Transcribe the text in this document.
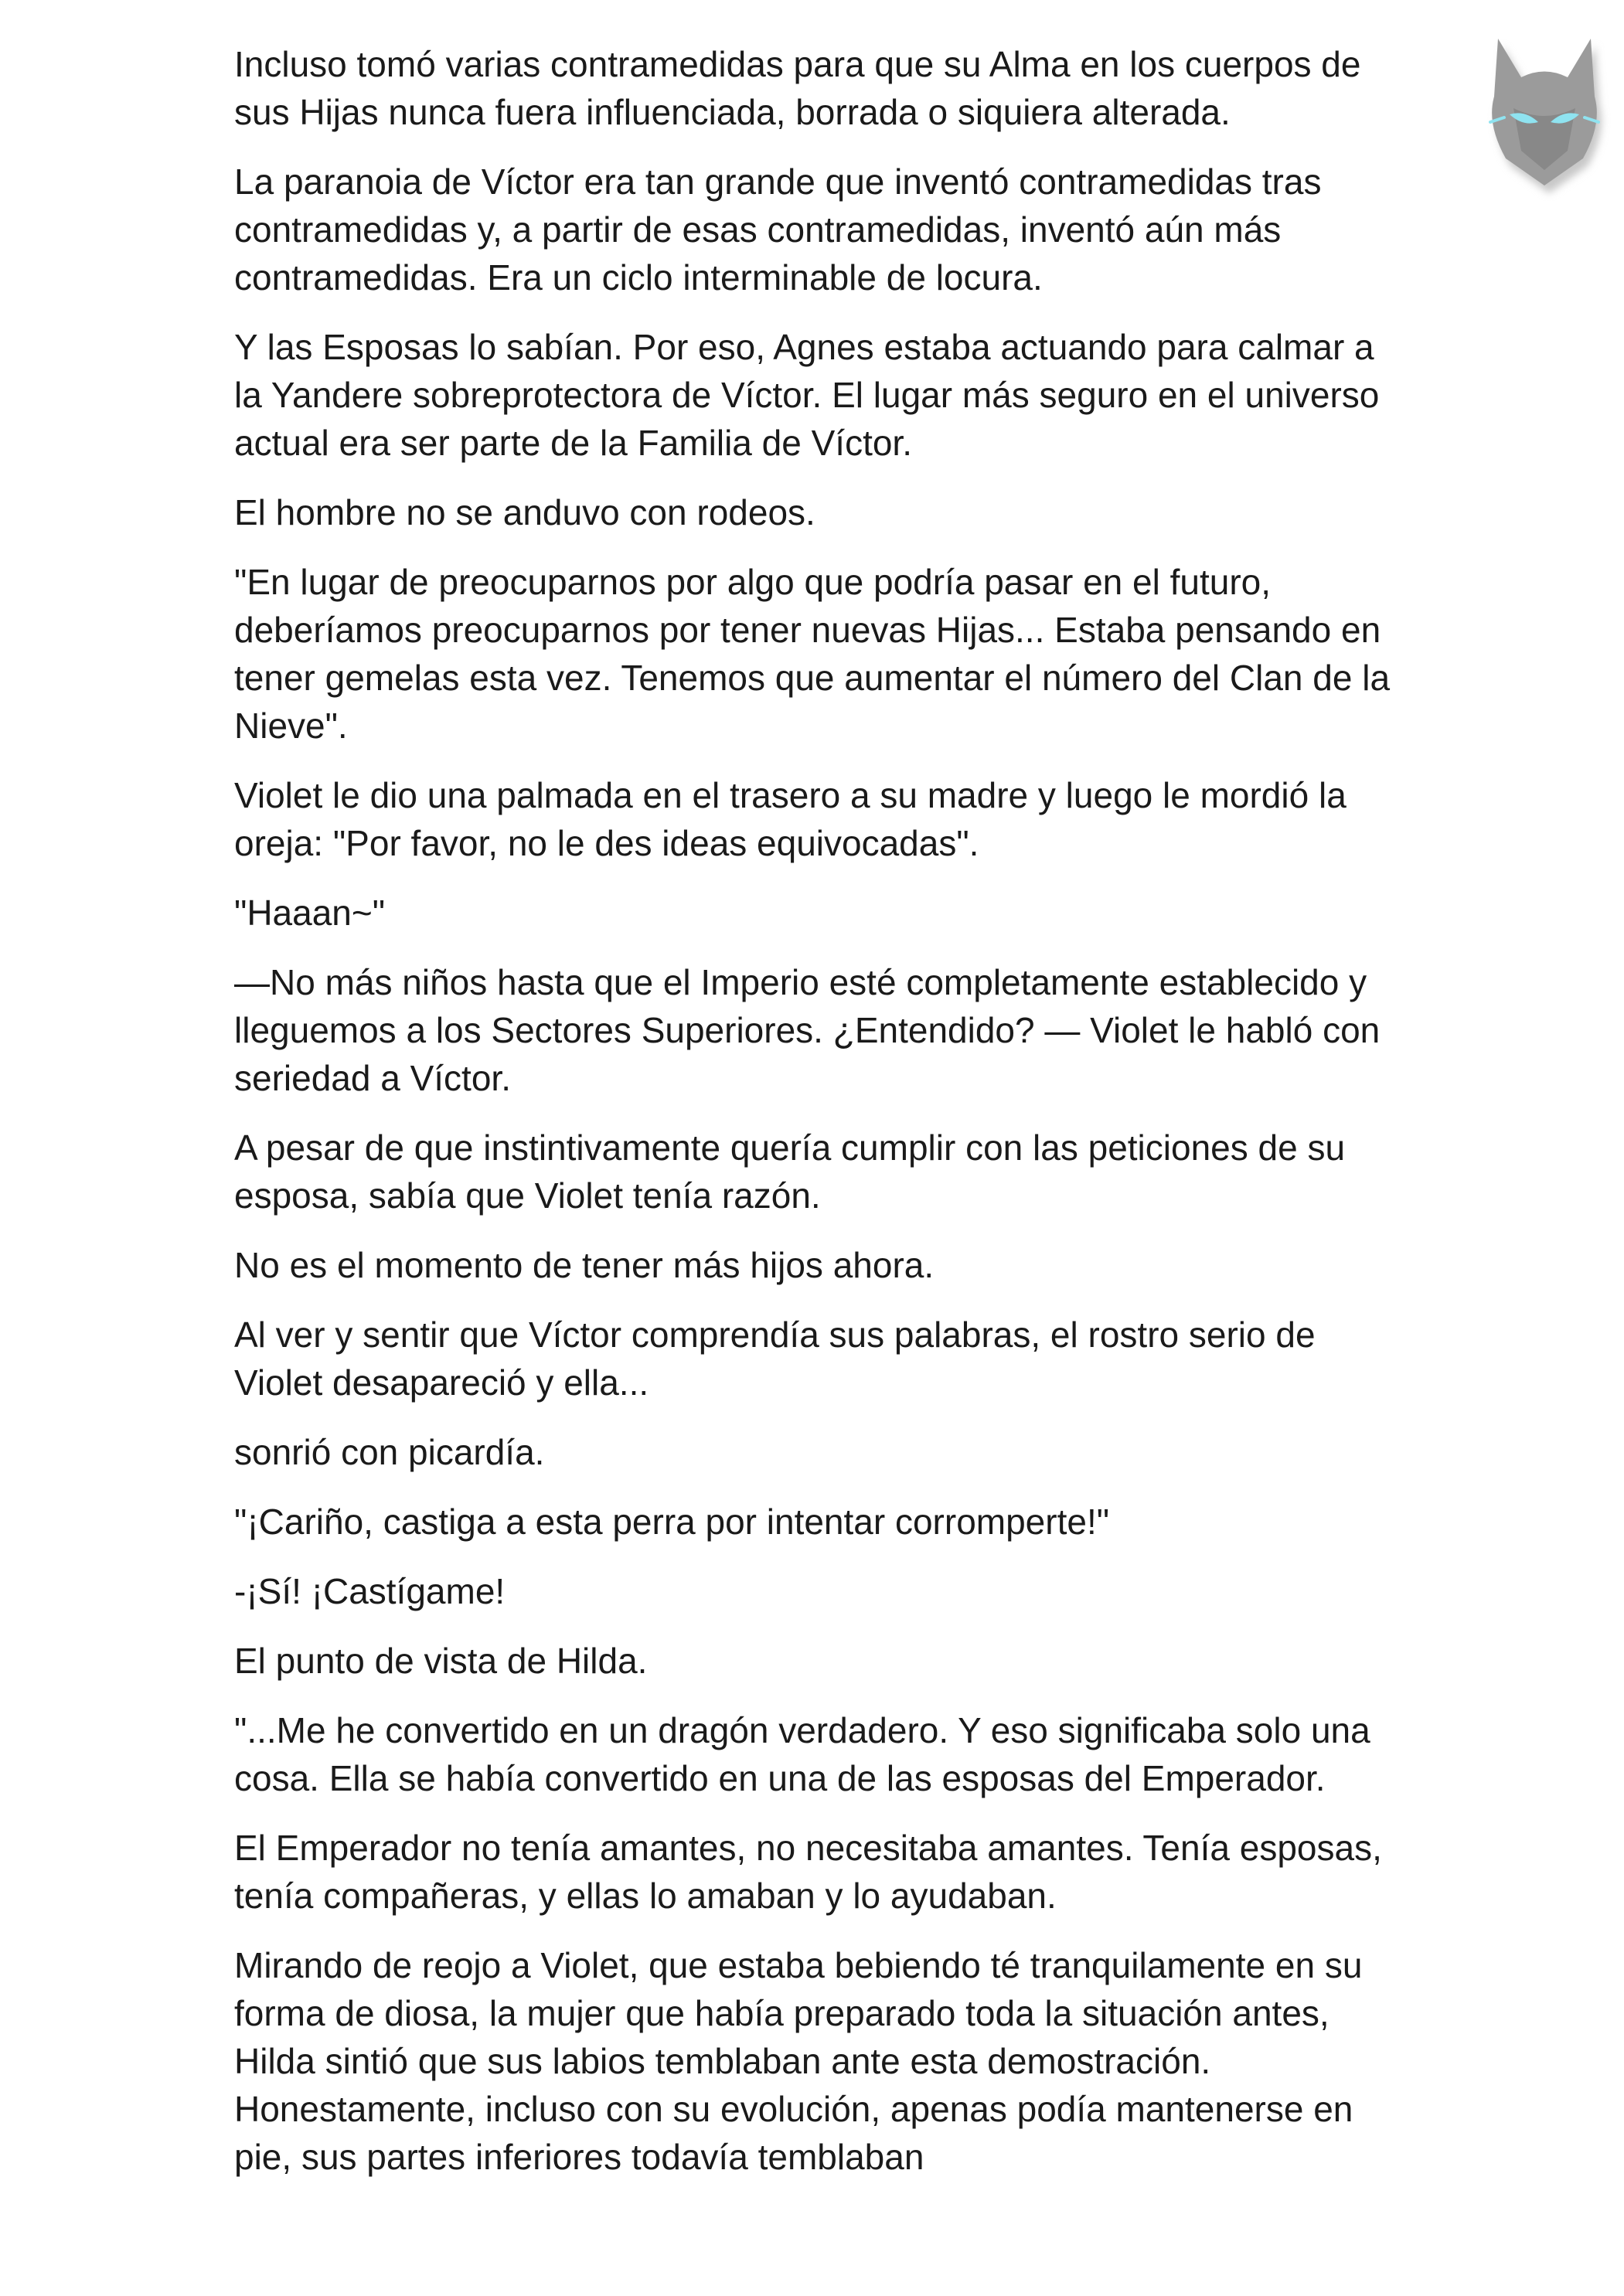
Incluso tomó varias contramedidas para que su Alma en los cuerpos de sus Hijas nunca fuera influenciada, borrada o siquiera alterada.

La paranoia de Víctor era tan grande que inventó contramedidas tras contramedidas y, a partir de esas contramedidas, inventó aún más contramedidas. Era un ciclo interminable de locura.

Y las Esposas lo sabían. Por eso, Agnes estaba actuando para calmar a la Yandere sobreprotectora de Víctor. El lugar más seguro en el universo actual era ser parte de la Familia de Víctor.

El hombre no se anduvo con rodeos.

"En lugar de preocuparnos por algo que podría pasar en el futuro, deberíamos preocuparnos por tener nuevas Hijas... Estaba pensando en tener gemelas esta vez. Tenemos que aumentar el número del Clan de la Nieve".

Violet le dio una palmada en el trasero a su madre y luego le mordió la oreja: "Por favor, no le des ideas equivocadas".

"Haaan~"

—No más niños hasta que el Imperio esté completamente establecido y lleguemos a los Sectores Superiores. ¿Entendido? — Violet le habló con seriedad a Víctor.

A pesar de que instintivamente quería cumplir con las peticiones de su esposa, sabía que Violet tenía razón.

No es el momento de tener más hijos ahora.

Al ver y sentir que Víctor comprendía sus palabras, el rostro serio de Violet desapareció y ella...

sonrió con picardía.

"¡Cariño, castiga a esta perra por intentar corromperte!"

-¡Sí! ¡Castígame!

El punto de vista de Hilda.

"...Me he convertido en un dragón verdadero. Y eso significaba solo una cosa. Ella se había convertido en una de las esposas del Emperador.

El Emperador no tenía amantes, no necesitaba amantes. Tenía esposas, tenía compañeras, y ellas lo amaban y lo ayudaban.

Mirando de reojo a Violet, que estaba bebiendo té tranquilamente en su forma de diosa, la mujer que había preparado toda la situación antes, Hilda sintió que sus labios temblaban ante esta demostración. Honestamente, incluso con su evolución, apenas podía mantenerse en pie, sus partes inferiores todavía temblaban
